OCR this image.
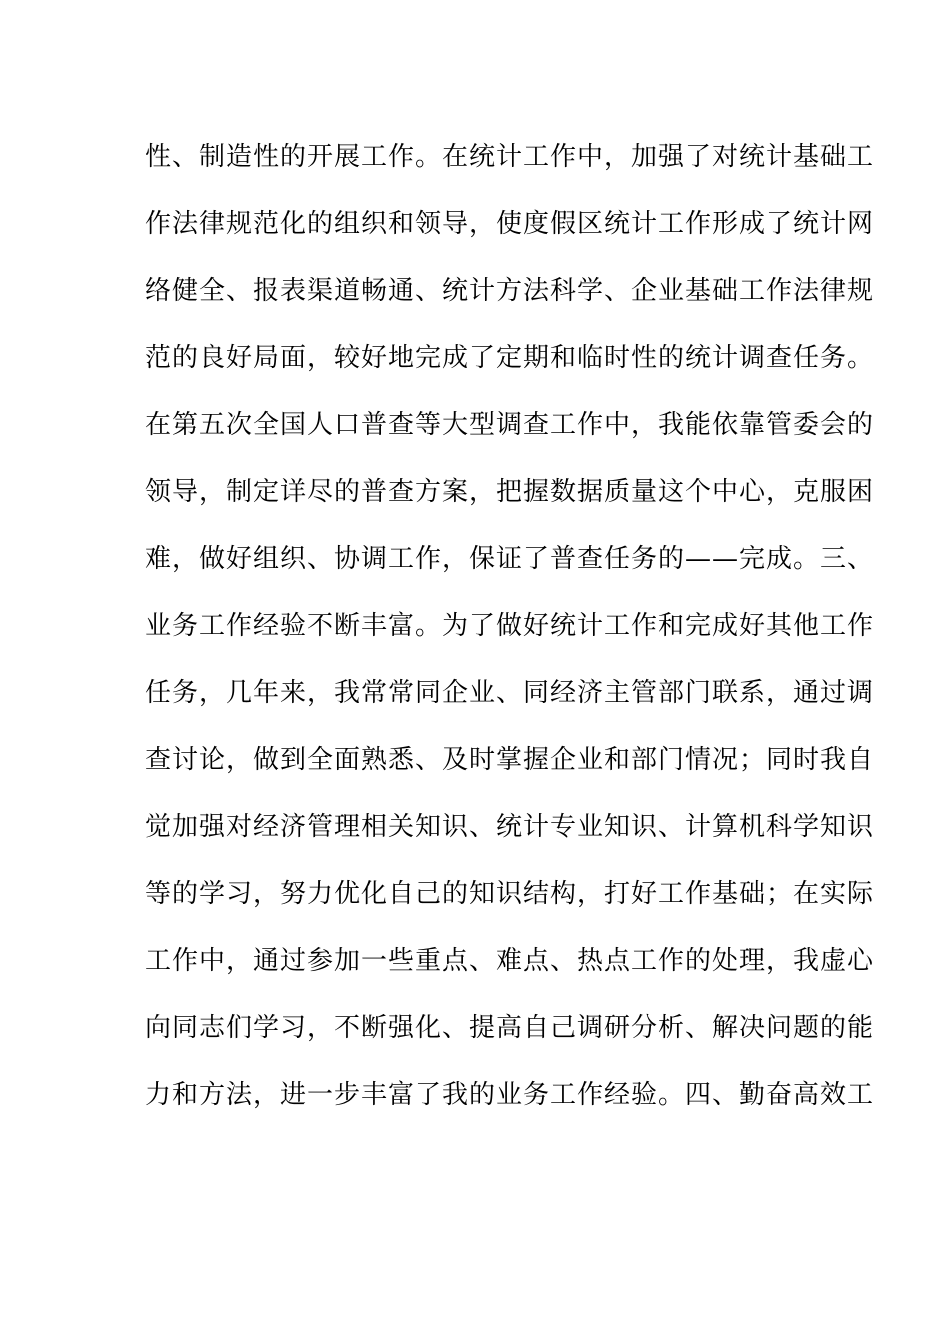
性、制造性的开展工作。在统计工作中，加强了对统计基础工
作法律规范化的组织和领导，使度假区统计工作形成了统计网
络健全、报表渠道畅通、统计方法科学、企业基础工作法律规
范的良好局面，较好地完成了定期和临时性的统计调查任务。
在第五次全国人口普查等大型调查工作中，我能依靠管委会的
领导，制定详尽的普查方案，把握数据质量这个中心，克服困
难，做好组织、协调工作，保证了普查任务的——完成。三、
业务工作经验不断丰富。为了做好统计工作和完成好其他工作
任务，几年来，我常常同企业、同经济主管部门联系，通过调
查讨论，做到全面熟悉、及时掌握企业和部门情况；同时我自
觉加强对经济管理相关知识、统计专业知识、计算机科学知识
等的学习，努力优化自己的知识结构，打好工作基础；在实际
工作中，通过参加一些重点、难点、热点工作的处理，我虚心
向同志们学习，不断强化、提高自己调研分析、解决问题的能
力和方法，进一步丰富了我的业务工作经验。四、勤奋高效工
